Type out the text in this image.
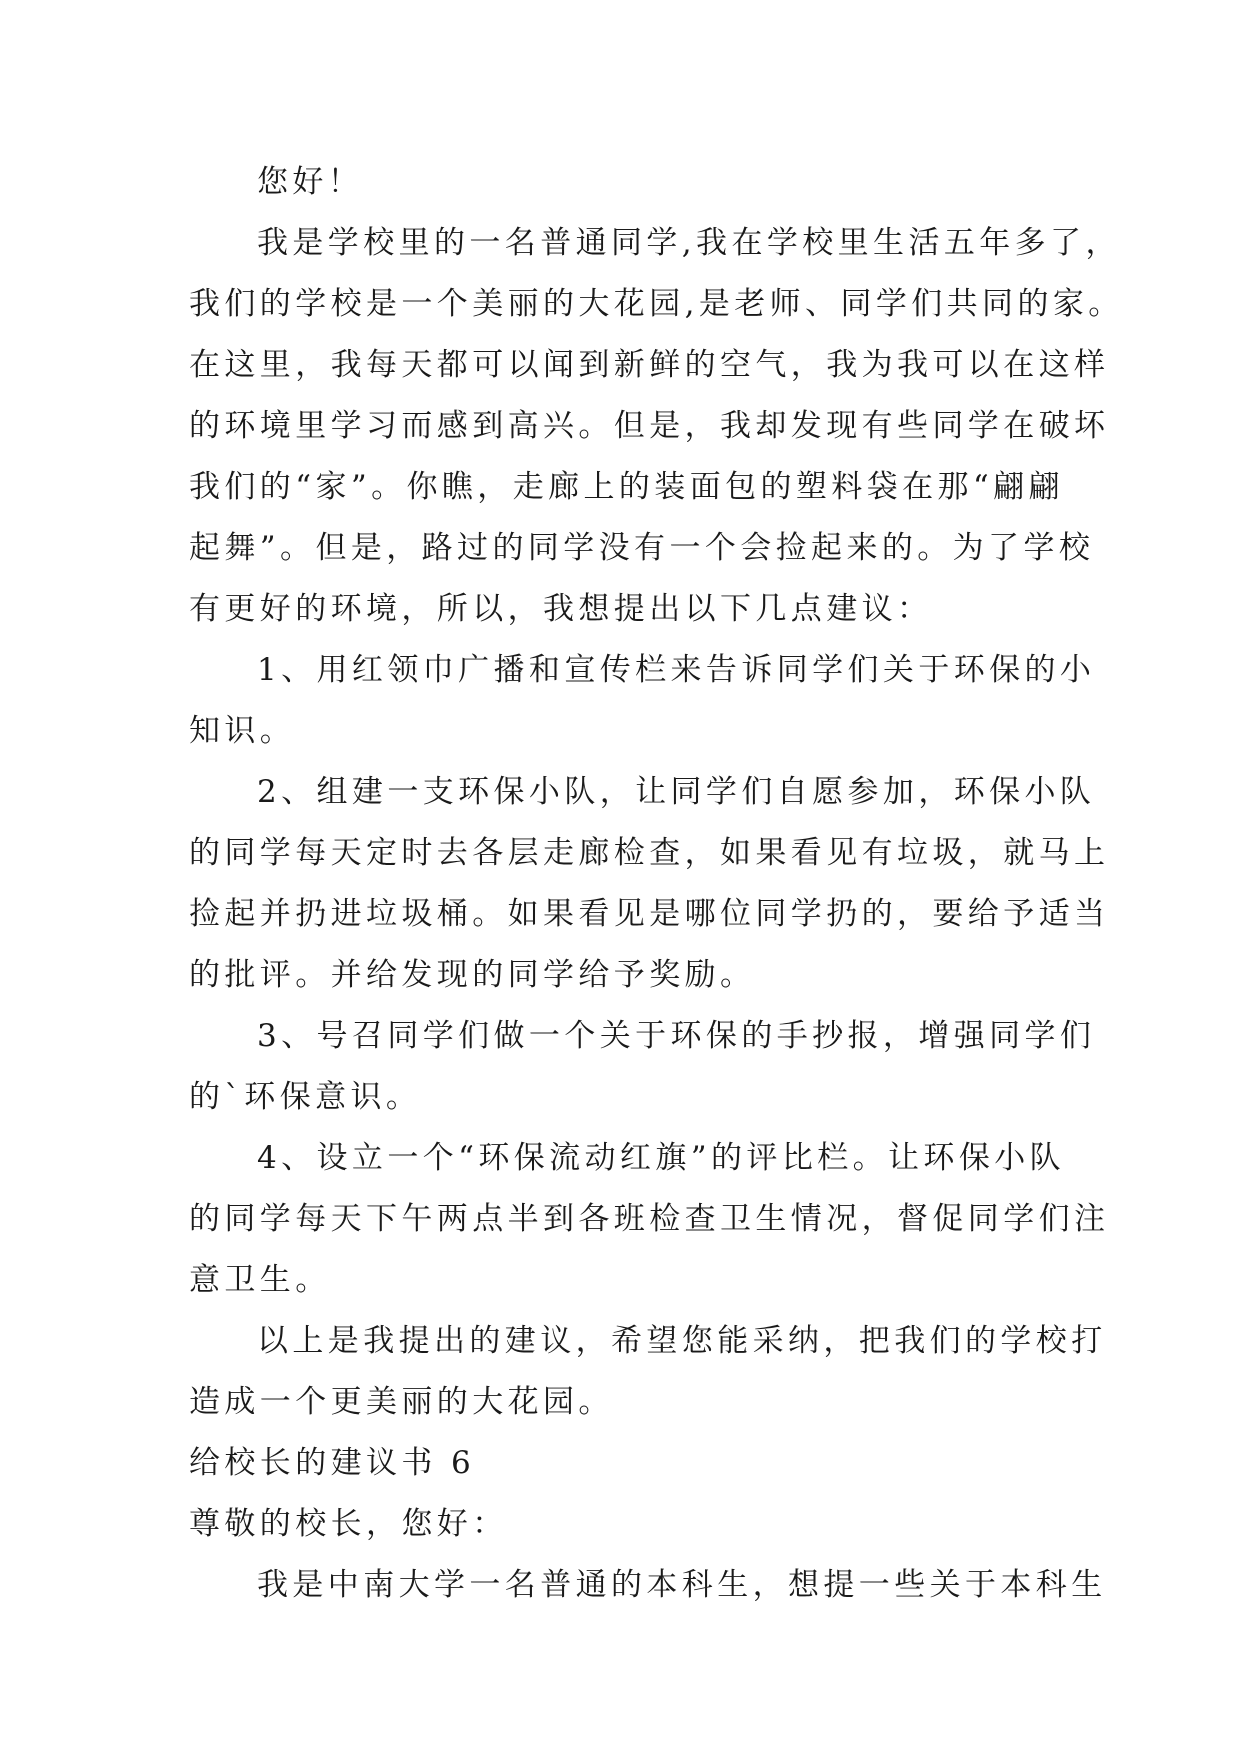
您好！
我是学校里的一名普通同学,我在学校里生活五年多了，
我们的学校是一个美丽的大花园,是老师、同学们共同的家。
在这里，我每天都可以闻到新鲜的空气，我为我可以在这样
的环境里学习而感到高兴。但是，我却发现有些同学在破坏
我们的“家”。你瞧，走廊上的装面包的塑料袋在那“翩翩
起舞”。但是，路过的同学没有一个会捡起来的。为了学校
有更好的环境，所以，我想提出以下几点建议：
1、用红领巾广播和宣传栏来告诉同学们关于环保的小
知识。
2、组建一支环保小队，让同学们自愿参加，环保小队
的同学每天定时去各层走廊检查，如果看见有垃圾，就马上
捡起并扔进垃圾桶。如果看见是哪位同学扔的，要给予适当
的批评。并给发现的同学给予奖励。
3、号召同学们做一个关于环保的手抄报，增强同学们
的`环保意识。
4、设立一个“环保流动红旗”的评比栏。让环保小队
的同学每天下午两点半到各班检查卫生情况，督促同学们注
意卫生。
以上是我提出的建议，希望您能采纳，把我们的学校打
造成一个更美丽的大花园。
给校长的建议书 6
尊敬的校长，您好：
我是中南大学一名普通的本科生，想提一些关于本科生
